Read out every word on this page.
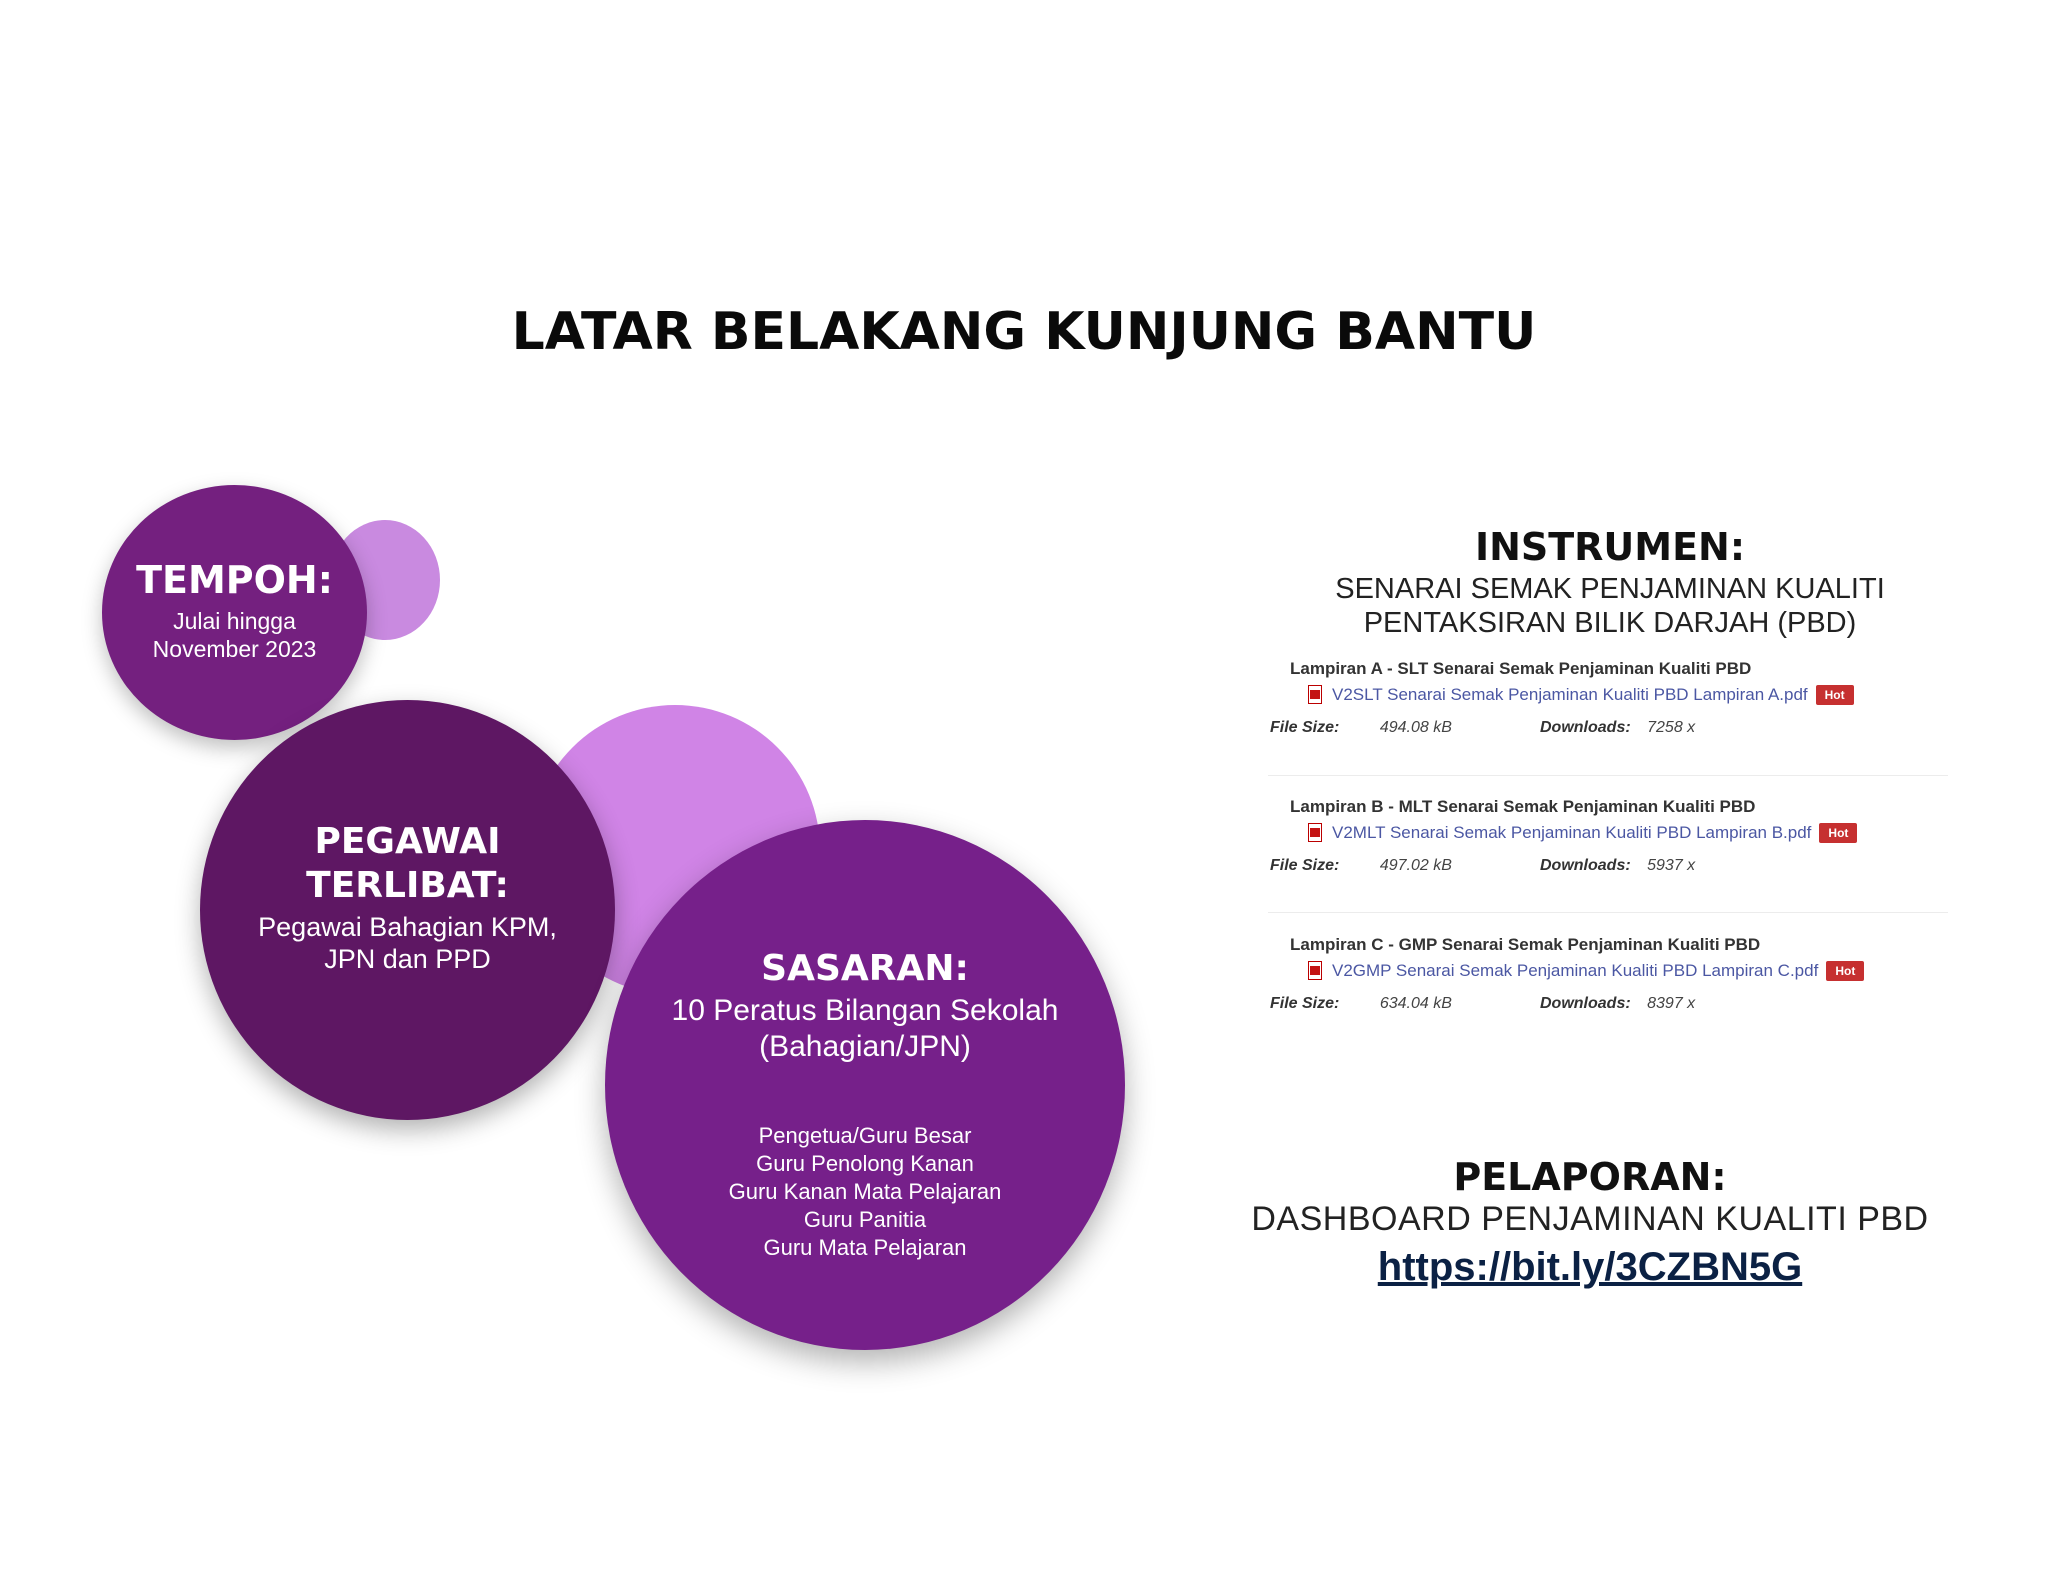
LATAR BELAKANG KUNJUNG BANTU
TEMPOH:
Julai hingga
November 2023
PEGAWAI
TERLIBAT:
Pegawai Bahagian KPM,
JPN dan PPD	SASARAN:
10 Peratus Bilangan Sekolah
(Bahagian/JPN)
Pengetua/Guru Besar
Guru Penolong Kanan
Guru Kanan Mata Pelajaran
Guru Panitia
Guru Mata Pelajaran
INSTRUMEN:
SENARAI SEMAK PENJAMINAN KUALITI
PENTAKSIRAN BILIK DARJAH (PBD)
Lampiran A - SLT Senarai Semak Penjaminan Kualiti PBD
V2SLT Senarai Semak Penjaminan Kualiti PBD Lampiran A.pdf	Hot
File Size:	494.08 kB	Downloads: 7258 x
Lampiran B - MLT Senarai Semak Penjaminan Kualiti PBD
V2MLT Senarai Semak Penjaminan Kualiti PBD Lampiran B.pdf	Hot
File Size:	497.02 kB	Downloads: 5937 x
Lampiran C - GMP Senarai Semak Penjaminan Kualiti PBD
V2GMP Senarai Semak Penjaminan Kualiti PBD Lampiran C.pdf	Hot
File Size:	634.04 kB	Downloads: 8397 x
PELAPORAN:
DASHBOARD PENJAMINAN KUALITI PBD
https://bit.ly/3CZBN5G
